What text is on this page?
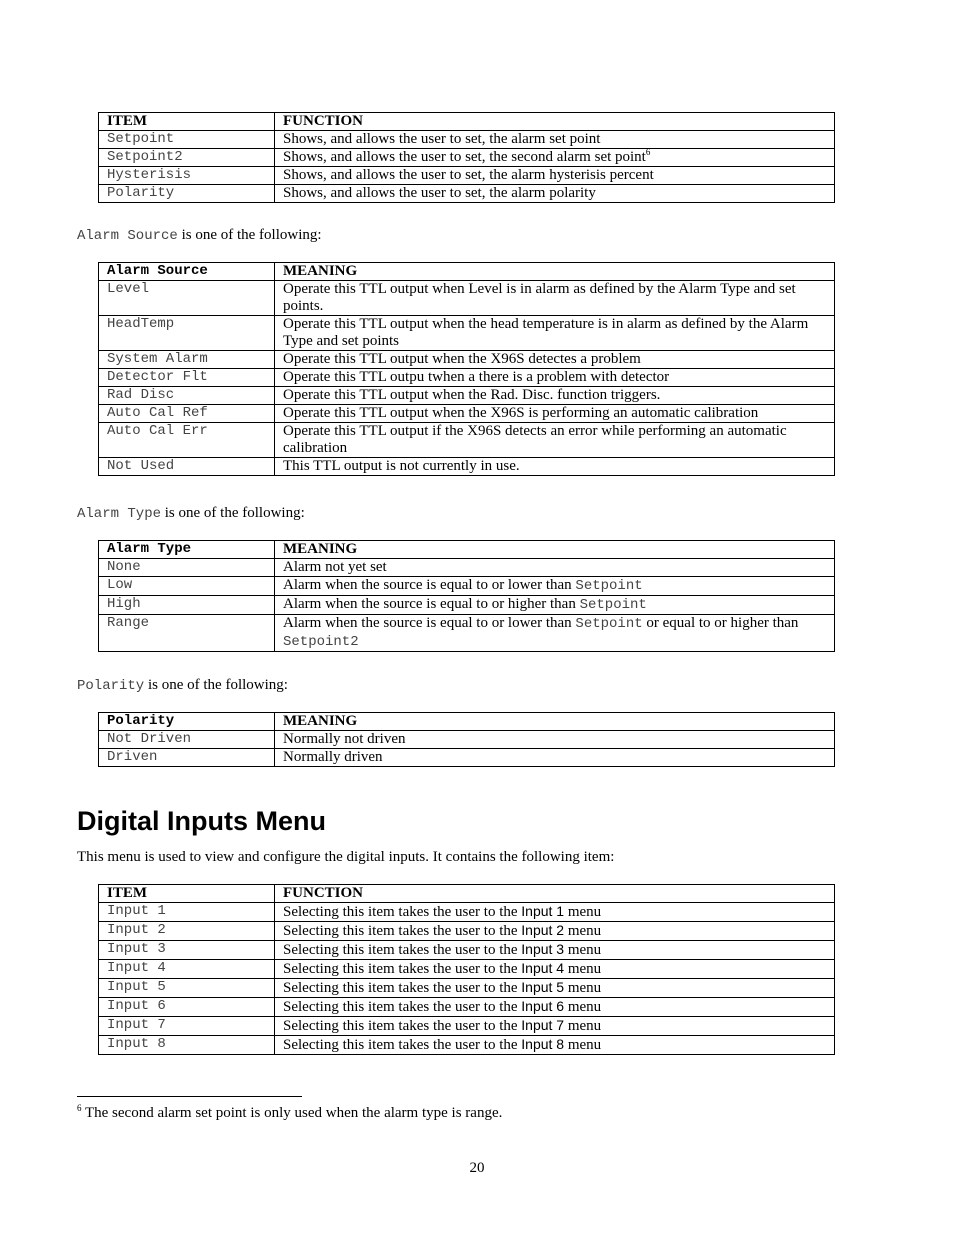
ITEM	FUNCTION
Setpoint	Shows, and allows the user to set, the alarm set point
Setpoint2	Shows, and allows the user to set, the second alarm set point$^6$
Hysterisis	Shows, and allows the user to set, the alarm hysterisis percent
Polarity	Shows, and allows the user to set, the alarm polarity
Alarm Source is one of the following:
Alarm Source	MEANING
Level	Operate this TTL output when Level is in alarm as defined by the Alarm Type and set points.
HeadTemp	Operate this TTL output when the head temperature is in alarm as defined by the Alarm Type and set points
System Alarm	Operate this TTL output when the X96S detectes a problem
Detector Flt	Operate this TTL outpu twhen a there is a problem with detector
Rad Disc	Operate this TTL output when the Rad. Disc. function triggers.
Auto Cal Ref	Operate this TTL output when the X96S is performing an automatic calibration
Auto Cal Err	Operate this TTL output if the X96S detects an error while performing an automatic calibration
Not Used	This TTL output is not currently in use.
Alarm Type is one of the following:
Alarm Type	MEANING
None	Alarm not yet set
Low	Alarm when the source is equal to or lower than Setpoint
High	Alarm when the source is equal to or higher than Setpoint
Range	Alarm when the source is equal to or lower than Setpoint or equal to or higher than Setpoint2
Polarity is one of the following:
Polarity	MEANING
Not Driven	Normally not driven
Driven	Normally driven
Digital Inputs Menu
This menu is used to view and configure the digital inputs. It contains the following item:
ITEM	FUNCTION
Input 1	Selecting this item takes the user to the Input 1 menu
Input 2	Selecting this item takes the user to the Input 2 menu
Input 3	Selecting this item takes the user to the Input 3 menu
Input 4	Selecting this item takes the user to the Input 4 menu
Input 5	Selecting this item takes the user to the Input 5 menu
Input 6	Selecting this item takes the user to the Input 6 menu
Input 7	Selecting this item takes the user to the Input 7 menu
Input 8	Selecting this item takes the user to the Input 8 menu
$^6$ The second alarm set point is only used when the alarm type is range.
20
